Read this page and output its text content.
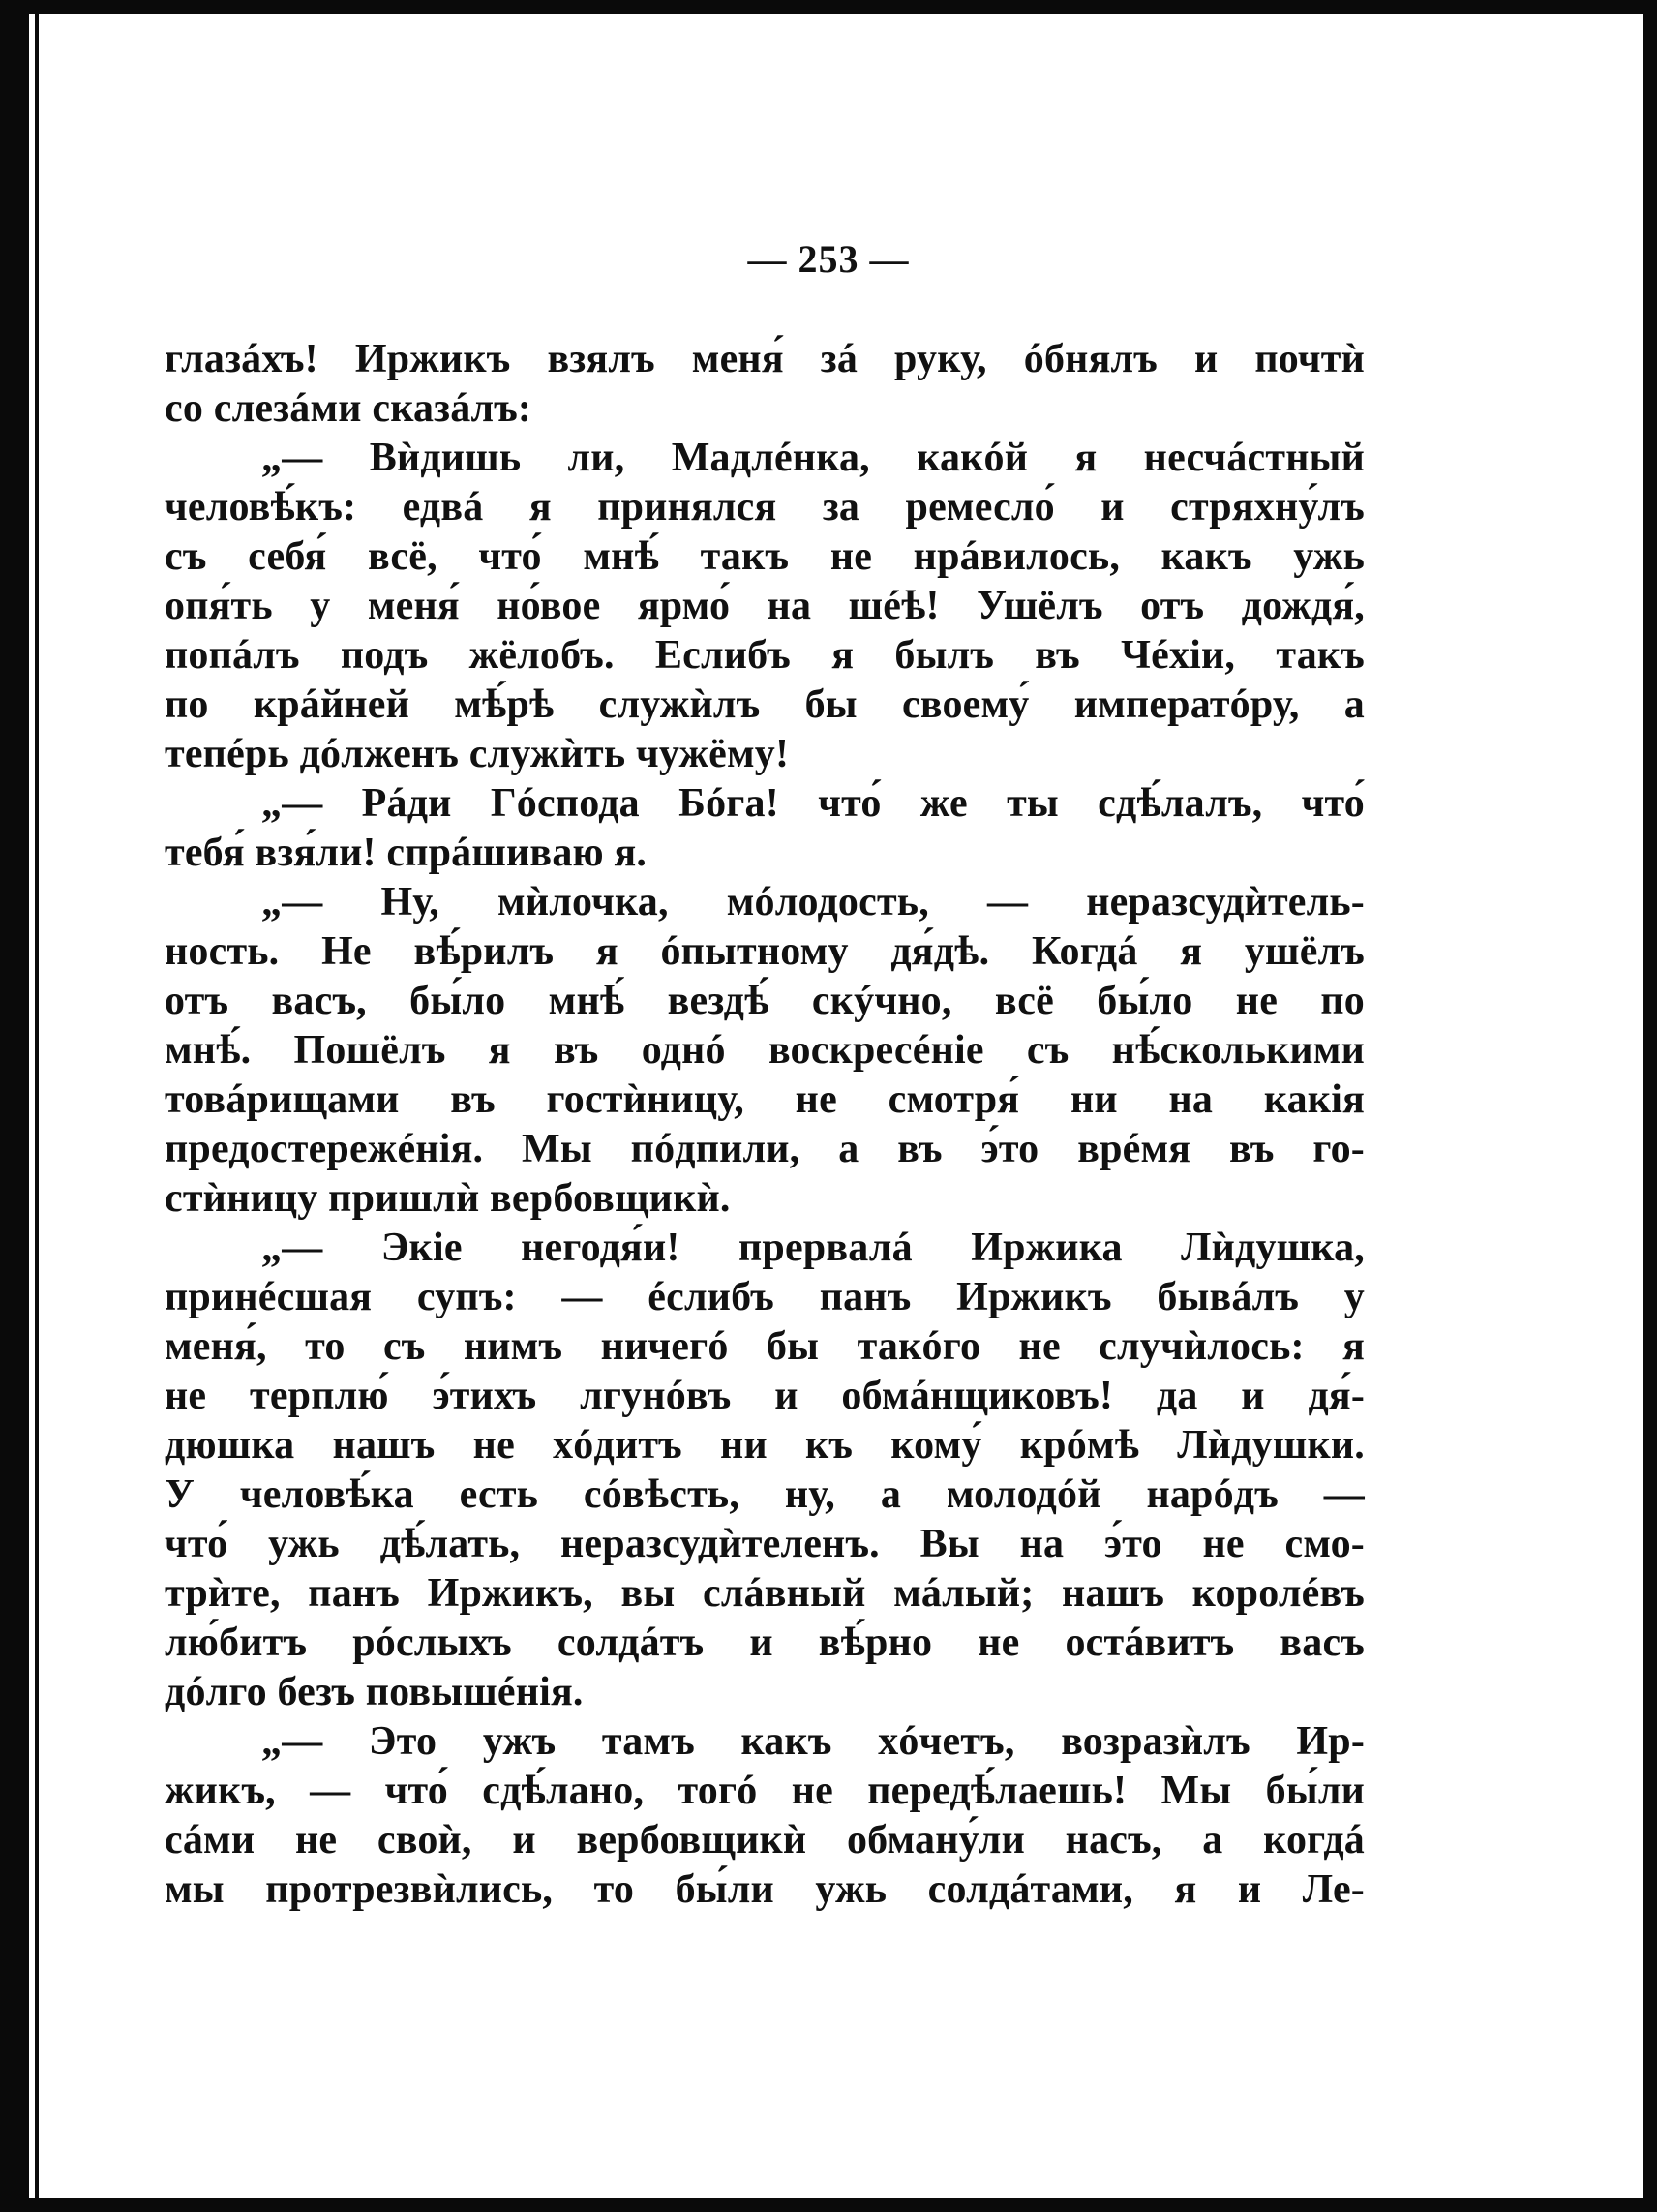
— 253 —
глазáхъ! Иржикъ взялъ меня́ зá руку, óбнялъ и почтѝ
со слезáми сказáлъ:
„— Вѝдишь ли, Мадлéнка, какóй я несчáстный
человѣ́къ: едвá я принялся за ремесло́ и стряхну́лъ
съ себя́ всё, что́ мнѣ́ такъ не нрáвилось, какъ ужь
опя́ть у меня́ но́вое ярмо́ на шéѣ! Ушёлъ отъ дождя́,
попáлъ подъ жёлобъ. Еслибъ я былъ въ Чéхіи, такъ
по крáйней мѣ́рѣ служѝлъ бы своему́ императóру, а
тепéрь дóлженъ служѝть чужёму!
„— Рáди Гóспода Бóга! что́ же ты сдѣ́лалъ, что́
тебя́ взя́ли! спрáшиваю я.
„— Ну, мѝлочка, мóлодость, — неразсудѝтель-
ность. Не вѣ́рилъ я óпытному дя́дѣ. Когдá я ушёлъ
отъ васъ, бы́ло мнѣ́ вездѣ́ скýчно, всё бы́ло не по
мнѣ́. Пошёлъ я въ однó воскресéніе съ нѣ́сколькими
товáрищами въ гостѝницу, не смотря́ ни на какія
предостережéнія. Мы пóдпили, а въ э́то врéмя въ го-
стѝницу пришлѝ вербовщикѝ.
„— Экіе негодя́и! прервалá Иржика Лѝдушка,
принéсшая супъ: — éслибъ панъ Иржикъ бывáлъ у
меня́, то съ нимъ ничегó бы такóго не случѝлось: я
не терплю́ э́тихъ лгунóвъ и обмáнщиковъ! да и дя́-
дюшка нашъ не хóдитъ ни къ кому́ крóмѣ Лѝдушки.
У человѣ́ка есть сóвѣсть, ну, а молодóй нарóдъ —
что́ ужь дѣ́лать, неразсудѝтеленъ. Вы на э́то не смо-
трѝте, панъ Иржикъ, вы слáвный мáлый; нашъ королéвъ
лю́битъ рóслыхъ солдáтъ и вѣ́рно не остáвитъ васъ
дóлго безъ повышéнія.
„— Это ужъ тамъ какъ хóчетъ, возразѝлъ Ир-
жикъ, — что́ сдѣ́лано, тогó не передѣ́лаешь! Мы бы́ли
сáми не своѝ, и вербовщикѝ обману́ли насъ, а когдá
мы протрезвѝлись, то бы́ли ужь солдáтами, я и Ле-
